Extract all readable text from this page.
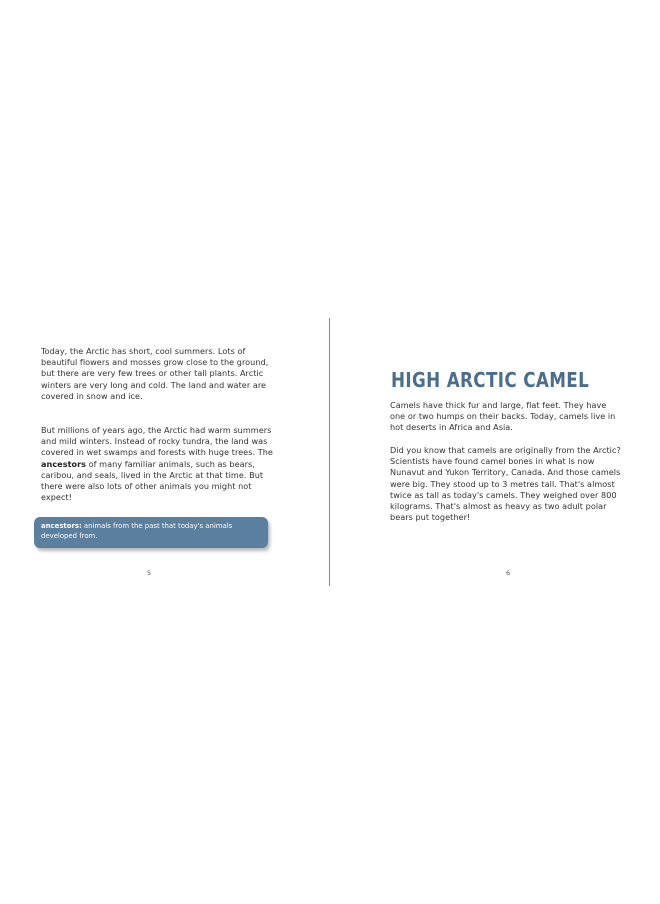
Today, the Arctic has short, cool summers. Lots of beautiful flowers and mosses grow close to the ground, but there are very few trees or other tall plants. Arctic winters are very long and cold. The land and water are covered in snow and ice.

But millions of years ago, the Arctic had warm summers and mild winters. Instead of rocky tundra, the land was covered in wet swamps and forests with huge trees. The ancestors of many familiar animals, such as bears, caribou, and seals, lived in the Arctic at that time. But there were also lots of other animals you might not expect!

ancestors: animals from the past that today's animals developed from.
5
HIGH ARCTIC CAMEL

Camels have thick fur and large, flat feet. They have one or two humps on their backs. Today, camels live in hot deserts in Africa and Asia.

Did you know that camels are originally from the Arctic? Scientists have found camel bones in what is now Nunavut and Yukon Territory, Canada. And those camels were big. They stood up to 3 metres tall. That's almost twice as tall as today's camels. They weighed over 800 kilograms. That's almost as heavy as two adult polar bears put together!

6
